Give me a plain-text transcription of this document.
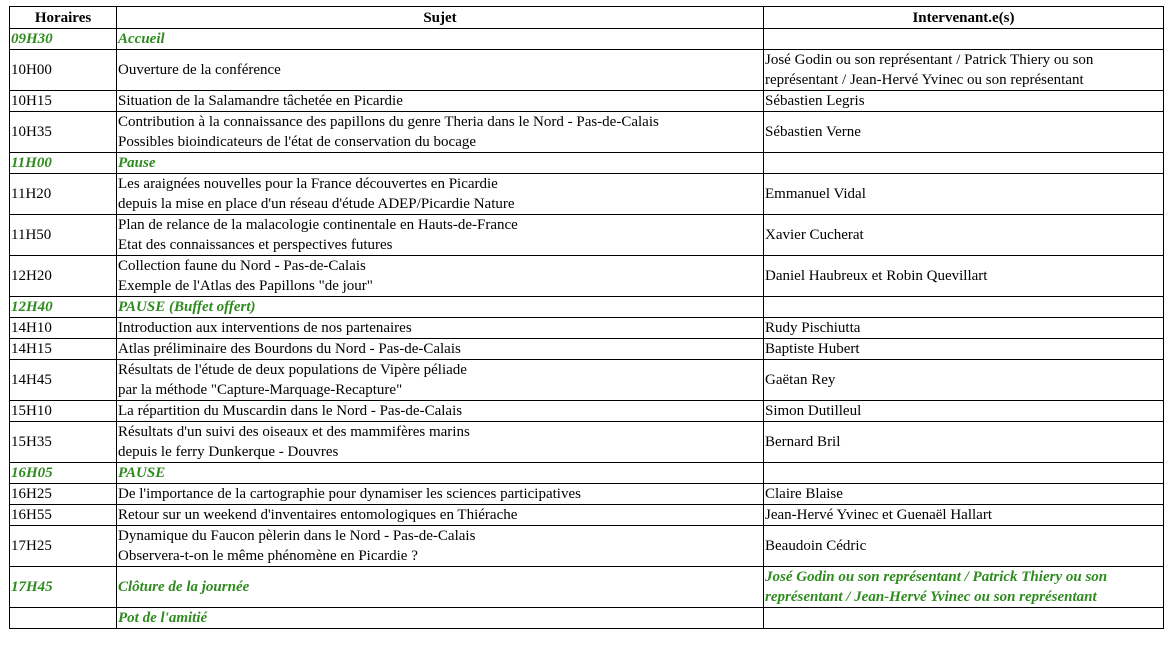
Horaires	Sujet	Intervenant.e(s)
09H30	Accueil	

10H00	Ouverture de la conférence	José Godin ou son représentant / Patrick Thiery ou son
représentant / Jean-Hervé Yvinec ou son représentant

10H15	Situation de la Salamandre tâchetée en Picardie	Sébastien Legris

10H35	Contribution à la connaissance des papillons du genre Theria dans le Nord - Pas-de-Calais
Possibles bioindicateurs de l'état de conservation du bocage	Sébastien Verne

11H00	Pause	

11H20	Les araignées nouvelles pour la France découvertes en Picardie
depuis la mise en place d'un réseau d'étude ADEP/Picardie Nature	Emmanuel Vidal

11H50	Plan de relance de la malacologie continentale en Hauts-de-France
Etat des connaissances et perspectives futures	Xavier Cucherat

12H20	Collection faune du Nord - Pas-de-Calais
Exemple de l'Atlas des Papillons "de jour"	Daniel Haubreux et Robin Quevillart

12H40	PAUSE (Buffet offert)	

14H10	Introduction aux interventions de nos partenaires	Rudy Pischiutta

14H15	Atlas préliminaire des Bourdons du Nord - Pas-de-Calais	Baptiste Hubert

14H45	Résultats de l'étude de deux populations de Vipère péliade
par la méthode "Capture-Marquage-Recapture"	Gaëtan Rey

15H10	La répartition du Muscardin dans le Nord - Pas-de-Calais	Simon Dutilleul

15H35	Résultats d'un suivi des oiseaux et des mammifères marins
depuis le ferry Dunkerque - Douvres	Bernard Bril

16H05	PAUSE	

16H25	De l'importance de la cartographie pour dynamiser les sciences participatives	Claire Blaise

16H55	Retour sur un weekend d'inventaires entomologiques en Thiérache	Jean-Hervé Yvinec et Guenaël Hallart

17H25	Dynamique du Faucon pèlerin dans le Nord - Pas-de-Calais
Observera-t-on le même phénomène en Picardie ?	Beaudoin Cédric

17H45	Clôture de la journée	José Godin ou son représentant / Patrick Thiery ou son
représentant / Jean-Hervé Yvinec ou son représentant

	Pot de l'amitié	
